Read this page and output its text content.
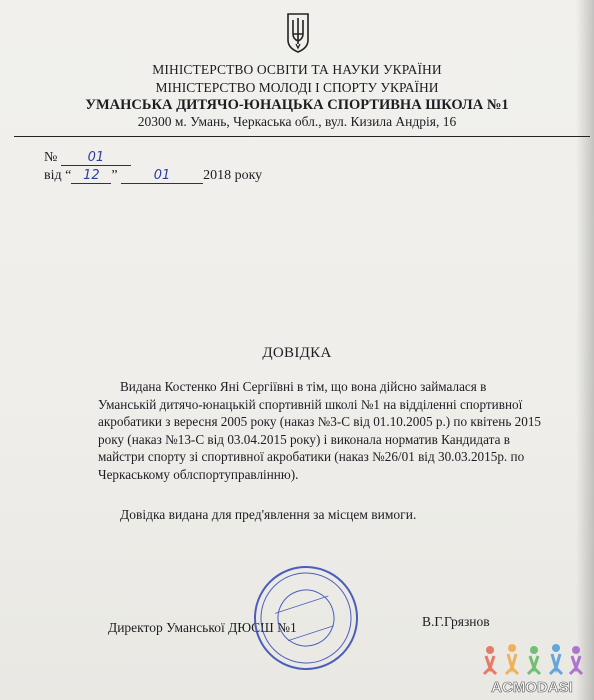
МІНІСТЕРСТВО ОСВІТИ ТА НАУКИ УКРАЇНИ
МІНІСТЕРСТВО МОЛОДІ І СПОРТУ УКРАЇНИ
УМАНСЬКА ДИТЯЧО-ЮНАЦЬКА СПОРТИВНА ШКОЛА №1
20300 м. Умань, Черкаська обл., вул. Кизила Андрія, 16
№ 01
від “ 12 ”	01 2018 року
ДОВІДКА
Видана Костенко Яні Сергіївні в тім, що вона дійсно займалася в
Уманській дитячо-юнацькій спортивній школі №1 на відділенні спортивної
акробатики з вересня 2005 року (наказ №3-С від 01.10.2005 р.) по квітень 2015
року (наказ №13-С від 03.04.2015 року) і виконала норматив Кандидата в
майстри спорту зі спортивної акробатики (наказ №26/01 від 30.03.2015р. по
Черкаському облспортуправлінню).
Довідка видана для пред'явлення за місцем вимоги.
Директор Уманської ДЮСШ №1	В.Г.Грязнов
ACMODASI
